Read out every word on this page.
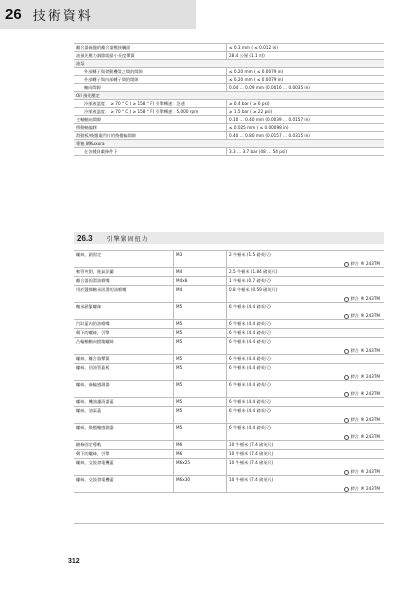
26 技術資料
離合器齒盤的離合器壓接觸面	≤ 0.3 mm ( ≤ 0.012 in)
油預先壓力調節閥最小長度彈簧	28.4 公厘 (1.1 吋)
油泵
外部轉子與發動機殼之間的間隙	≤ 0.20 mm ( ≤ 0.0079 in)
外部轉子與內部轉子間的間隙	≤ 0.20 mm ( ≤ 0.0079 in)
軸向間隙	0.04 … 0.09 mm (0.0016 … 0.0035 in)
Oil 預先壓定
冷卻液溫度： ≥ 70 ° C ( ≥ 158 ° F) 引擎轉速：急速	≥ 0.4 bar ( ≥ 6 psi)
冷卻液溫度： ≥ 70 ° C ( ≥ 158 ° F) 引擎轉速：5,000 rpm	≥ 1.5 bar ( ≥ 22 psi)
主軸軸向間隙	0.10 … 0.40 mm (0.0039 … 0.0157 in)
傳動軸偏移	≤ 0.025 mm ( ≤ 0.00098 in)
滑動板/換檔叢閂片的換檔輪間隙	0.40 … 0.80 mm (0.0157 … 0.0315 in)
專塞 閘Kuxura
在各種負載條件下	3.3 … 3.7 bar (48 … 54 psi)
26.3 引擎緊固扭力
螺絲，鎖固定	M3	2 牛頓米 (1.5 磅英尺)
膠合 ® 243TM
軟管夾鉗，進氣法蘭	M4	2.5 牛頓米 (1.84 磅英尺)
離合器固滑油噴嘴	M4x8	1 牛頓米 (0.7 磅英尺)
用於選擇軸承固滑的油噴嘴	M4	0.8 牛頓米 (0.59 磅英尺)
膠合 ® 243TM
軸承鎖緊螺絲	M5	6 牛頓米 (4.4 磅英尺)
膠合 ® 243TM
汽缸蓋內的油噴嘴	M5	6 牛頓米 (4.4 磅英尺)
剩下的螺絲，引擎	M5	6 牛頓米 (4.4 磅英尺)
凸輪軸軸向擋塊螺絲	M5	6 牛頓米 (4.4 磅英尺)
膠合 ® 243TM
螺絲，離合器彈簧	M5	6 牛頓米 (4.4 磅英尺)
螺絲，回油管蓋板	M5	6 牛頓米 (4.4 磅英尺)
膠合 ® 243TM
螺絲，齒輪感測器	M5	6 牛頓米 (4.4 磅英尺)
膠合 ® 243TM
螺絲，機油濾清器蓋	M5	6 牛頓米 (4.4 磅英尺)
螺絲，油泵蓋	M5	6 牛頓米 (4.4 磅英尺)
膠合 ® 243TM
螺絲，換檔軸感測器	M5	6 牛頓米 (4.4 磅英尺)
膠合 ® 243TM
鏈條固定導軌	M6	10 牛頓米 (7.4 磅英尺)
剩下的螺絲，引擎	M6	10 牛頓米 (7.4 磅英尺)
螺絲，交流發電機蓋	M6x25	10 牛頓米 (7.4 磅英尺)
膠合 ® 243TM
螺絲，交流發電機蓋	M6x30	10 牛頓米 (7.4 磅英尺)
膠合 ® 243TM
312
